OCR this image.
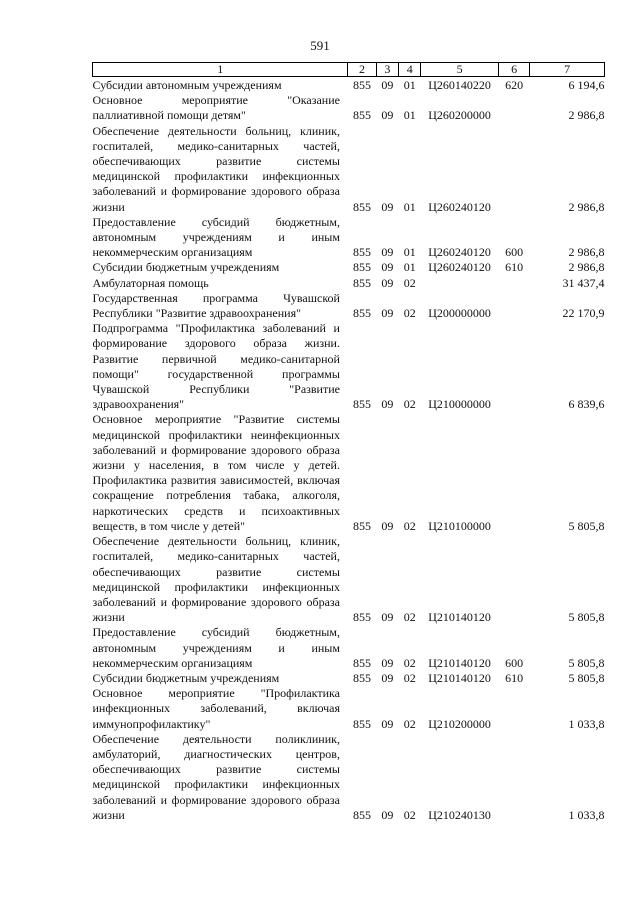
591
1	2	3	4	5	6	7
Субсидии автономным учреждениям	855	09	01	Ц260140220	620	6 194,6
Основное мероприятие "Оказание паллиативной помощи детям"	855	09	01	Ц260200000		2 986,8
Обеспечение деятельности больниц, клиник, госпиталей, медико-санитарных частей, обеспечивающих развитие системы медицинской профилактики инфекционных заболеваний и формирование здорового образа жизни	855	09	01	Ц260240120		2 986,8
Предоставление субсидий бюджетным, автономным учреждениям и иным некоммерческим организациям	855	09	01	Ц260240120	600	2 986,8
Субсидии бюджетным учреждениям	855	09	01	Ц260240120	610	2 986,8
Амбулаторная помощь	855	09	02			31 437,4
Государственная программа Чувашской Республики "Развитие здравоохранения"	855	09	02	Ц200000000		22 170,9
Подпрограмма "Профилактика заболеваний и формирование здорового образа жизни. Развитие первичной медико-санитарной помощи" государственной программы Чувашской Республики "Развитие здравоохранения"	855	09	02	Ц210000000		6 839,6
Основное мероприятие "Развитие системы медицинской профилактики неинфекционных заболеваний и формирование здорового образа жизни у населения, в том числе у детей. Профилактика развития зависимостей, включая сокращение потребления табака, алкоголя, наркотических средств и психоактивных веществ, в том числе у детей"	855	09	02	Ц210100000		5 805,8
Обеспечение деятельности больниц, клиник, госпиталей, медико-санитарных частей, обеспечивающих развитие системы медицинской профилактики инфекционных заболеваний и формирование здорового образа жизни	855	09	02	Ц210140120		5 805,8
Предоставление субсидий бюджетным, автономным учреждениям и иным некоммерческим организациям	855	09	02	Ц210140120	600	5 805,8
Субсидии бюджетным учреждениям	855	09	02	Ц210140120	610	5 805,8
Основное мероприятие "Профилактика инфекционных заболеваний, включая иммунопрофилактику"	855	09	02	Ц210200000		1 033,8
Обеспечение деятельности поликлиник, амбулаторий, диагностических центров, обеспечивающих развитие системы медицинской профилактики инфекционных заболеваний и формирование здорового образа жизни	855	09	02	Ц210240130		1 033,8
